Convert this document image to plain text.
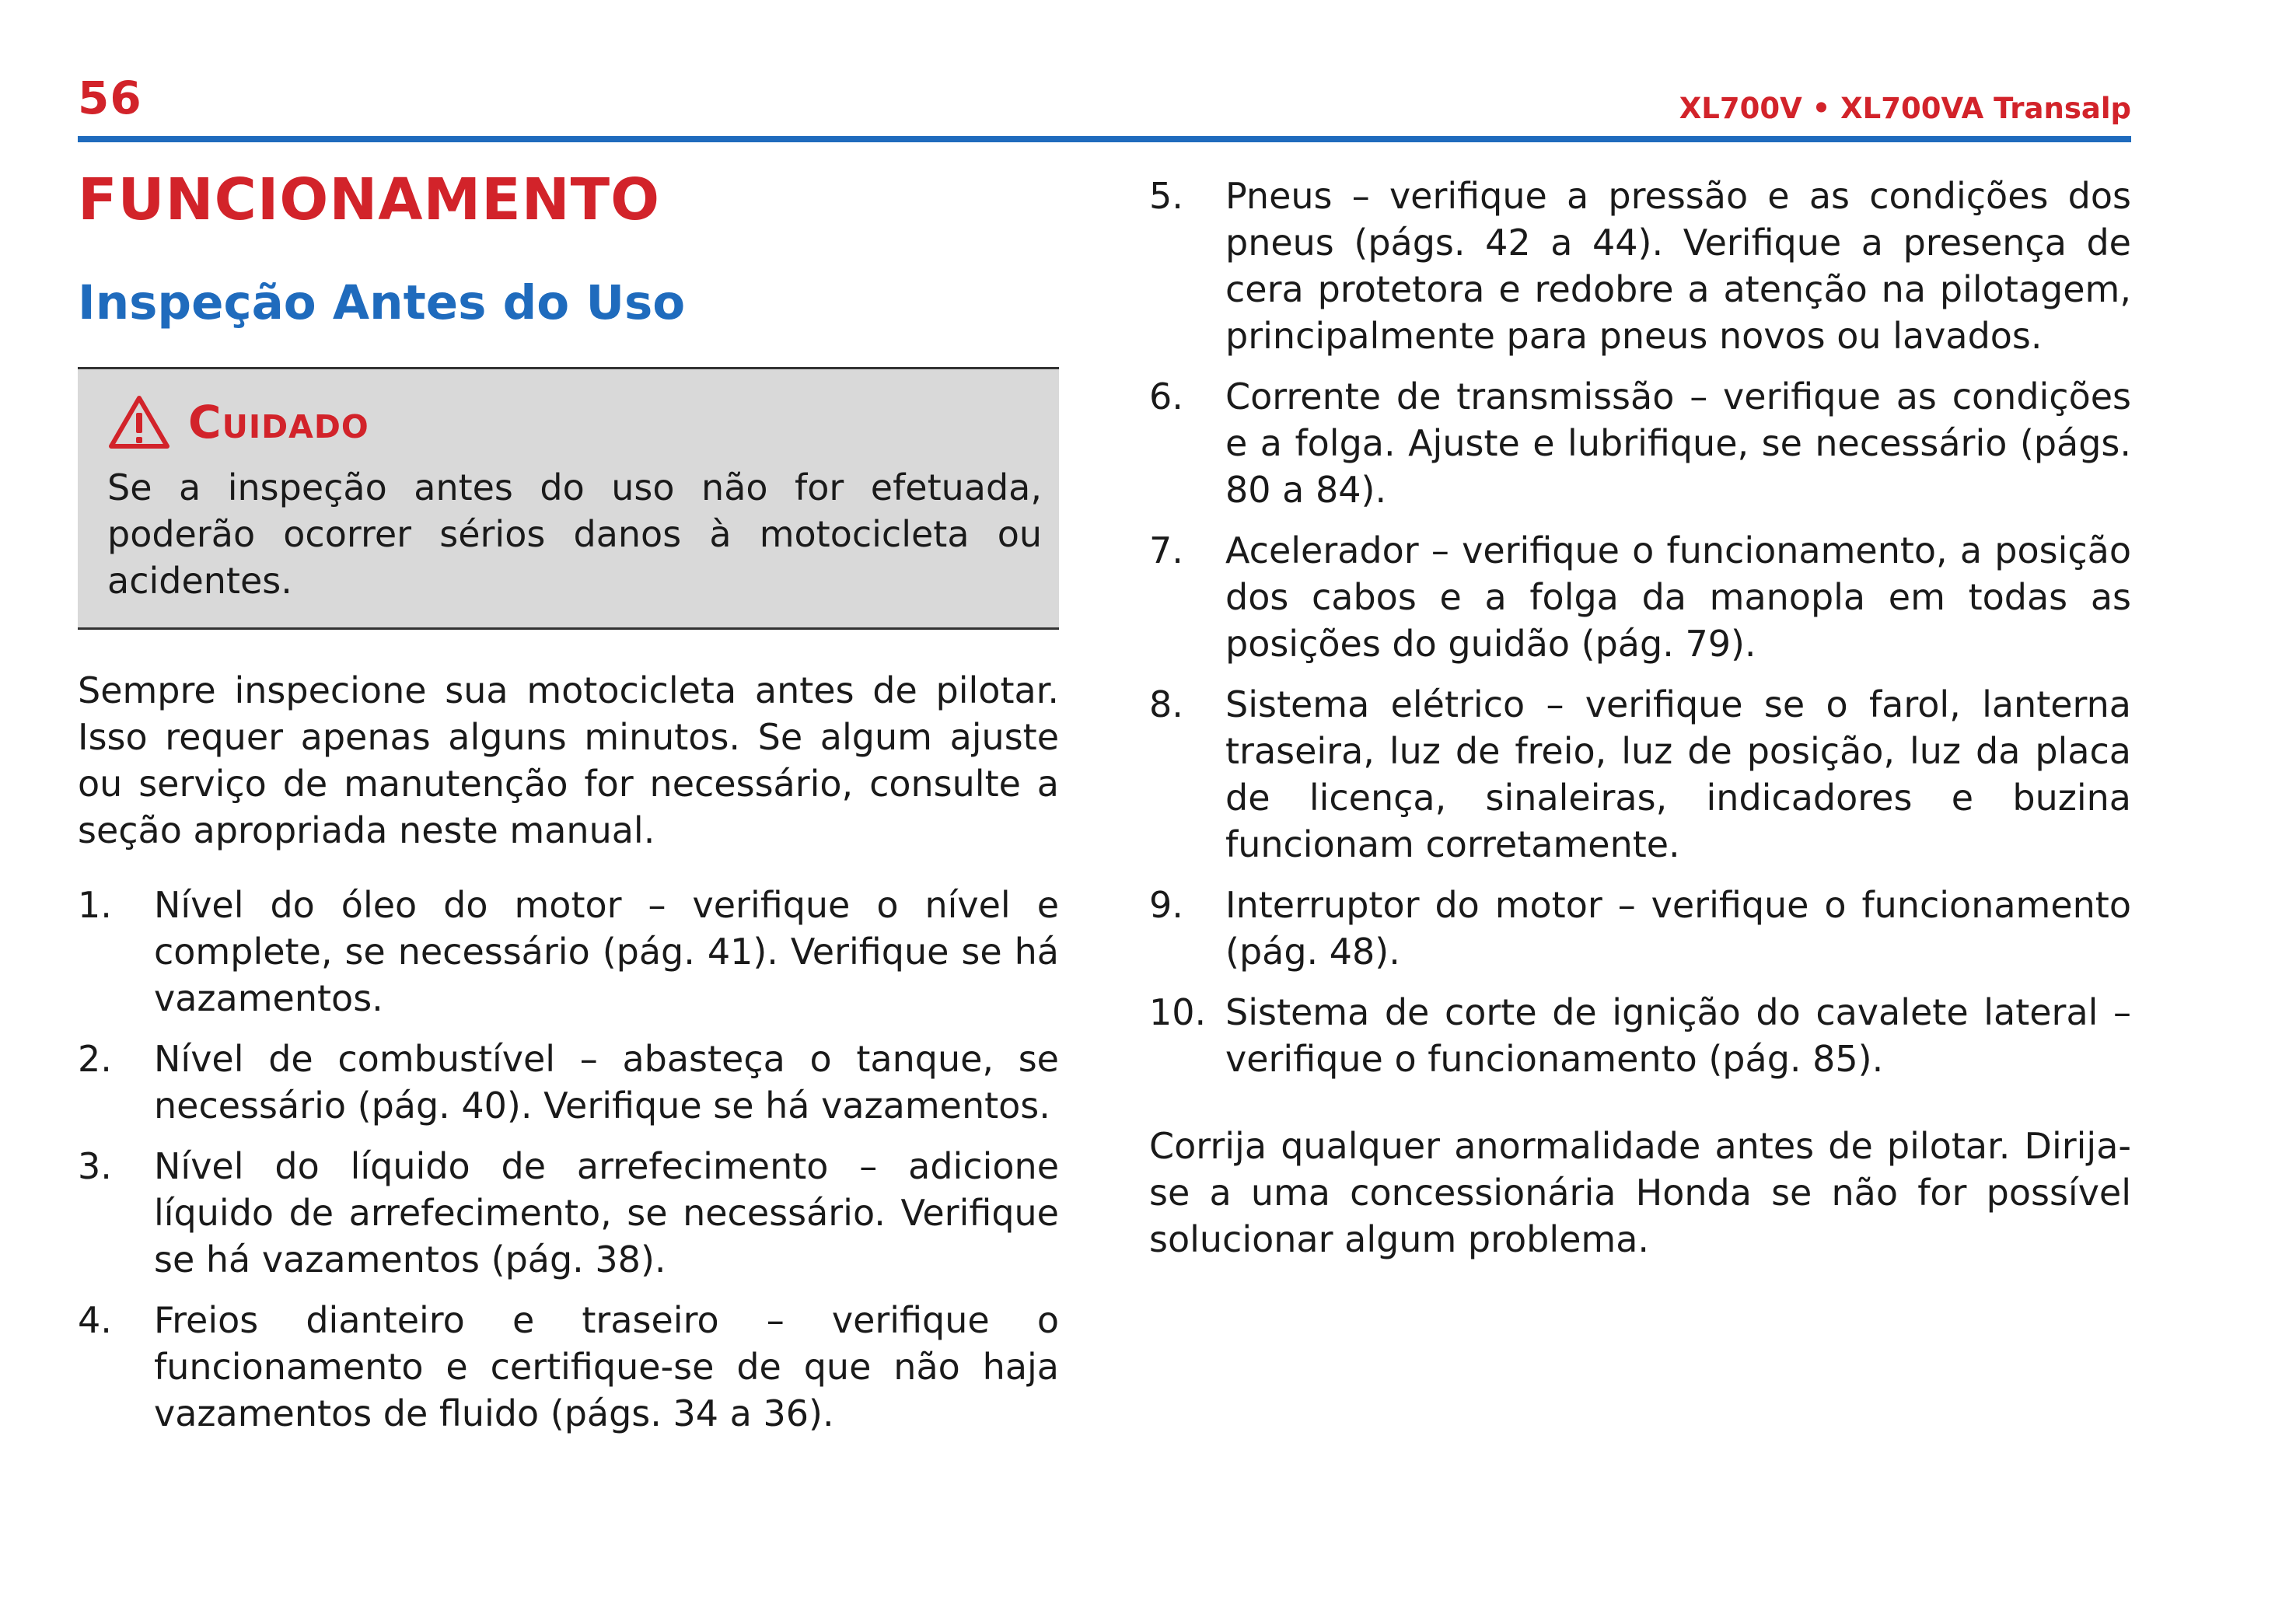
56	XL700V • XL700VA Transalp
FUNCIONAMENTO
Inspeção Antes do Uso
Cuidado

Se a inspeção antes do uso não for efetuada, poderão ocorrer sérios danos à motocicleta ou acidentes.

Sempre inspecione sua motocicleta antes de pilotar. Isso requer apenas alguns minutos. Se algum ajuste ou serviço de manutenção for necessário, consulte a seção apropriada neste manual.

1.	Nível do óleo do motor – verifique o nível e complete, se necessário (pág. 41). Verifique se há vazamentos.
2.	Nível de combustível – abasteça o tanque, se necessário (pág. 40). Verifique se há vazamentos.
3.	Nível do líquido de arrefecimento – adicione líquido de arrefecimento, se necessário. Verifique se há vazamentos (pág. 38).
4.	Freios dianteiro e traseiro – verifique o funcionamento e certifique-se de que não haja vazamentos de fluido (págs. 34 a 36).
5.	Pneus – verifique a pressão e as condições dos pneus (págs. 42 a 44). Verifique a presença de cera protetora e redobre a atenção na pilotagem, principalmente para pneus novos ou lavados.
6.	Corrente de transmissão – verifique as condições e a folga. Ajuste e lubrifique, se necessário (págs. 80 a 84).
7.	Acelerador – verifique o funcionamento, a posição dos cabos e a folga da manopla em todas as posições do guidão (pág. 79).
8.	Sistema elétrico – verifique se o farol, lanterna traseira, luz de freio, luz de posição, luz da placa de licença, sinaleiras, indicadores e buzina funcionam corretamente.
9.	Interruptor do motor – verifique o funcionamento (pág. 48).
10. Sistema de corte de ignição do cavalete lateral – verifique o funcionamento (pág. 85).

Corrija qualquer anormalidade antes de pilotar. Dirija-se a uma concessionária Honda se não for possível solucionar algum problema.
